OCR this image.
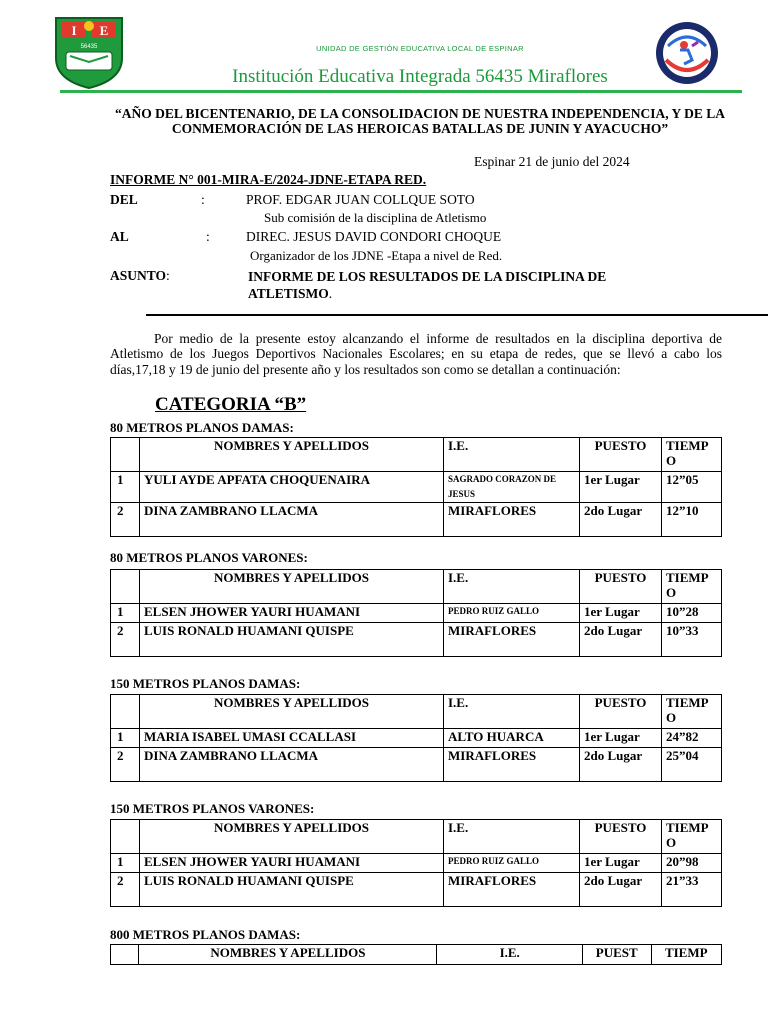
I E
56435	UNIDAD DE GESTIÓN EDUCATIVA LOCAL DE ESPINAR
Institución Educativa Integrada 56435 Miraflores
“AÑO DEL BICENTENARIO, DE LA CONSOLIDACION DE NUESTRA INDEPENDENCIA, Y DE LA CONMEMORACIÓN DE LAS HEROICAS BATALLAS DE JUNIN Y AYACUCHO”
Espinar 21 de junio del 2024
INFORME N° 001-MIRA-E/2024-JDNE-ETAPA RED.
DEL	:	PROF. EDGAR JUAN COLLQUE SOTO
Sub comisión de la disciplina de Atletismo
AL	:	DIREC. JESUS DAVID CONDORI CHOQUE
Organizador de los JDNE -Etapa a nivel de Red.
ASUNTO:	INFORME DE LOS RESULTADOS DE LA DISCIPLINA DE ATLETISMO.
Por medio de la presente estoy alcanzando el informe de resultados en la disciplina deportiva de Atletismo de los Juegos Deportivos Nacionales Escolares; en su etapa de redes, que se llevó a cabo los días,17,18 y 19 de junio del presente año y los resultados son como se detallan a continuación:
CATEGORIA “B”
80 METROS PLANOS DAMAS:
	NOMBRES Y APELLIDOS	I.E.	PUESTO	TIEMP O
1	YULI AYDE APFATA CHOQUENAIRA	SAGRADO CORAZON DE JESUS	1er Lugar	12”05
2	DINA ZAMBRANO LLACMA	MIRAFLORES	2do Lugar	12”10
80 METROS PLANOS VARONES:
	NOMBRES Y APELLIDOS	I.E.	PUESTO	TIEMP O
1	ELSEN JHOWER YAURI HUAMANI	PEDRO RUIZ GALLO	1er Lugar	10”28
2	LUIS RONALD HUAMANI QUISPE	MIRAFLORES	2do Lugar	10”33
150 METROS PLANOS DAMAS:
	NOMBRES Y APELLIDOS	I.E.	PUESTO	TIEMP O
1	MARIA ISABEL UMASI CCALLASI	ALTO HUARCA	1er Lugar	24”82
2	DINA ZAMBRANO LLACMA	MIRAFLORES	2do Lugar	25”04
150 METROS PLANOS VARONES:
	NOMBRES Y APELLIDOS	I.E.	PUESTO	TIEMP O
1	ELSEN JHOWER YAURI HUAMANI	PEDRO RUIZ GALLO	1er Lugar	20”98
2	LUIS RONALD HUAMANI QUISPE	MIRAFLORES	2do Lugar	21”33
800 METROS PLANOS DAMAS:
	NOMBRES Y APELLIDOS	I.E.	PUEST	TIEMP
